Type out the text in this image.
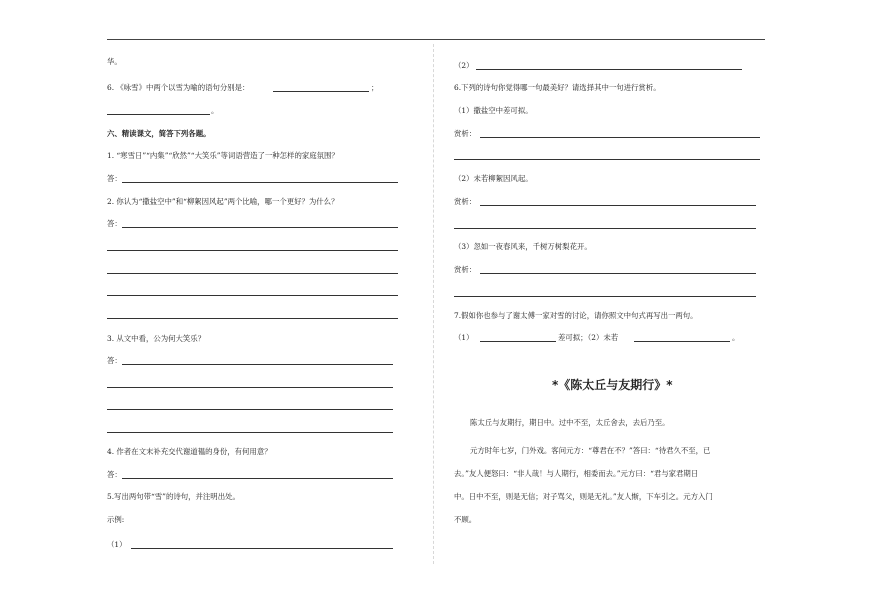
华。
6. 《咏雪》中两个以雪为喻的语句分别是：	；
。
六、精读课文，简答下列各题。
1. “寒雪日”“内集”“欣然”“大笑乐”等词语营造了一种怎样的家庭氛围？
答：
2. 你认为“撒盐空中”和“柳絮因风起”两个比喻，哪一个更好？为什么？
答：
3. 从文中看，公为何大笑乐？
答：
4. 作者在文末补充交代谢道韫的身份，有何用意？
答：
5.写出两句带“雪”的诗句，并注明出处。
示例:
（1）
（2）
6.下列的诗句你觉得哪一句最美好？请选择其中一句进行赏析。
（1）撒盐空中差可拟。
赏析：
（2）未若柳絮因风起。
赏析：
（3）忽如一夜春风来，千树万树梨花开。
赏析：
7.假如你也参与了谢太傅一家对雪的讨论，请你照文中句式再写出一两句。
（1）	差可拟；（2）未若	。
*《陈太丘与友期行》*
陈太丘与友期行，期日中。过中不至，太丘舍去，去后乃至。
元方时年七岁，门外戏。客问元方：“尊君在不？”答曰：“待君久不至，已
去。”友人便怒曰：“非人哉！与人期行，相委而去。”元方曰：“君与家君期日
中。日中不至，则是无信；对子骂父，则是无礼。”友人惭，下车引之。元方入门
不顾。
